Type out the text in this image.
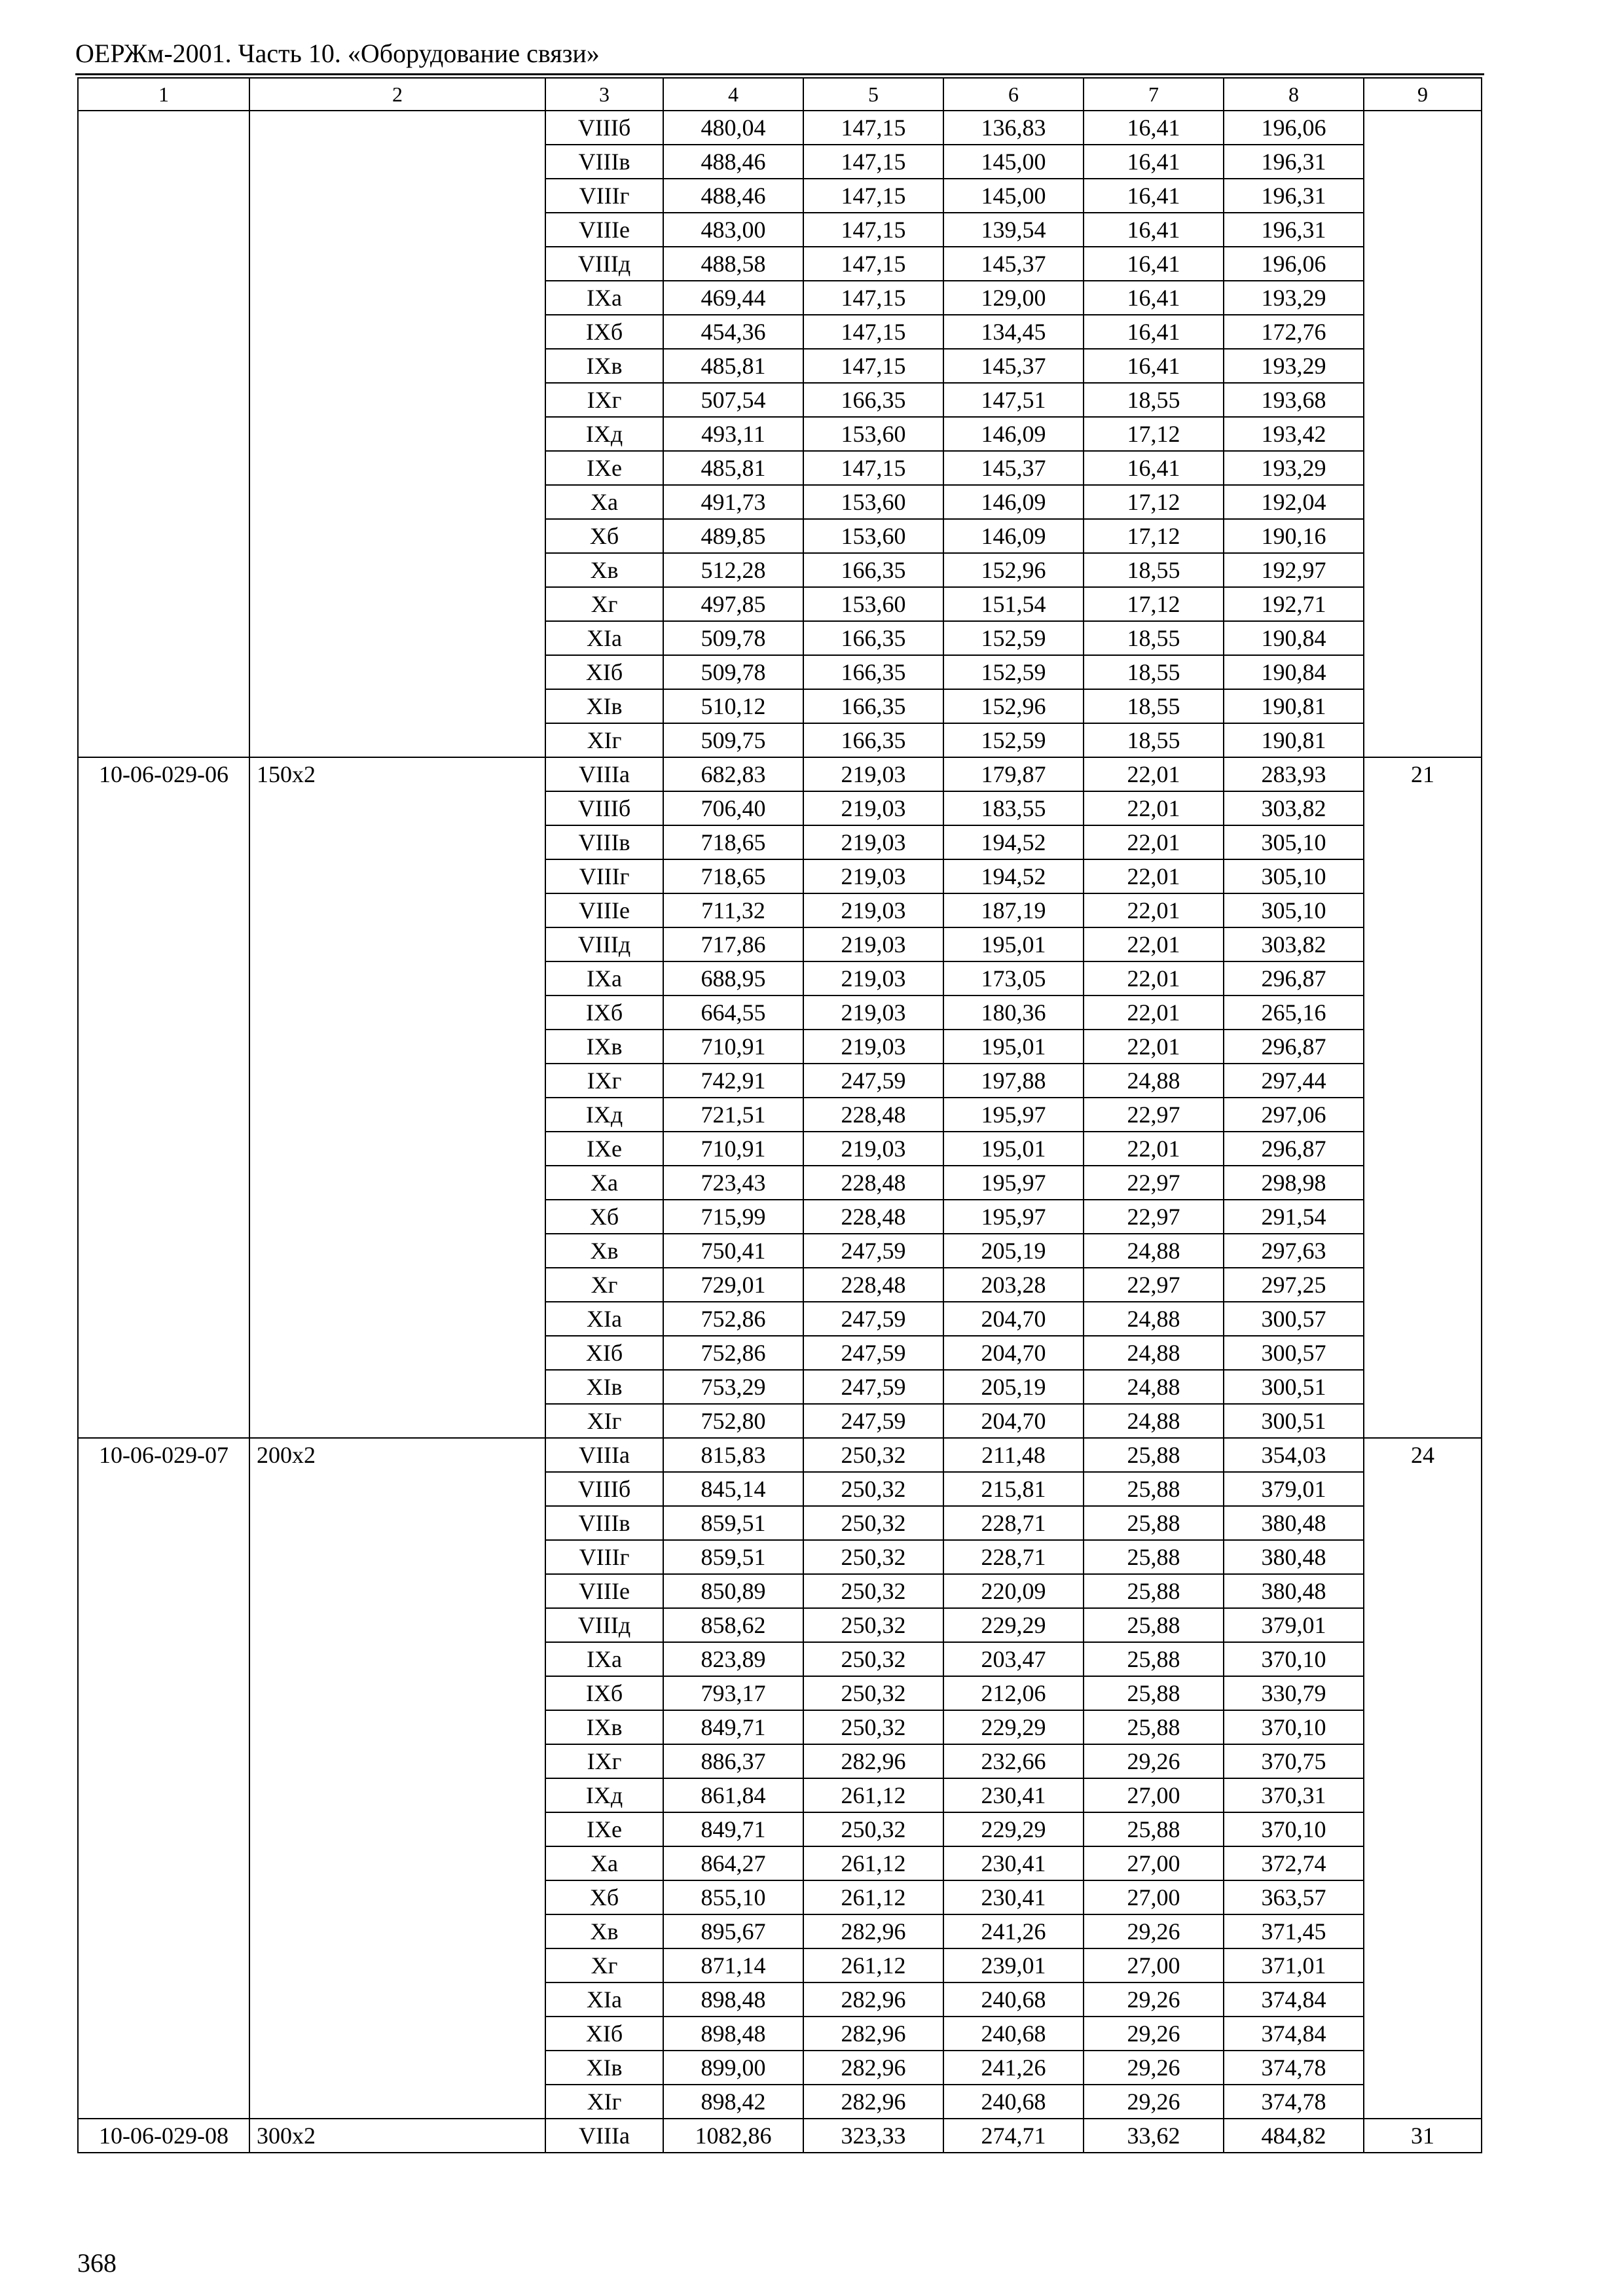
ОЕРЖм-2001. Часть 10. «Оборудование связи»
1	2	3	4	5	6	7	8	9
		VIIIб	480,04	147,15	136,83	16,41	196,06	
		VIIIв	488,46	147,15	145,00	16,41	196,31	
		VIIIг	488,46	147,15	145,00	16,41	196,31	
		VIIIе	483,00	147,15	139,54	16,41	196,31	
		VIIIд	488,58	147,15	145,37	16,41	196,06	
		IXа	469,44	147,15	129,00	16,41	193,29	
		IXб	454,36	147,15	134,45	16,41	172,76	
		IXв	485,81	147,15	145,37	16,41	193,29	
		IXг	507,54	166,35	147,51	18,55	193,68	
		IXд	493,11	153,60	146,09	17,12	193,42	
		IXе	485,81	147,15	145,37	16,41	193,29	
		Xа	491,73	153,60	146,09	17,12	192,04	
		Xб	489,85	153,60	146,09	17,12	190,16	
		Xв	512,28	166,35	152,96	18,55	192,97	
		Xг	497,85	153,60	151,54	17,12	192,71	
		XIа	509,78	166,35	152,59	18,55	190,84	
		XIб	509,78	166,35	152,59	18,55	190,84	
		XIв	510,12	166,35	152,96	18,55	190,81	
		XIг	509,75	166,35	152,59	18,55	190,81	
10-06-029-06	150х2	VIIIа	682,83	219,03	179,87	22,01	283,93	21
		VIIIб	706,40	219,03	183,55	22,01	303,82	
		VIIIв	718,65	219,03	194,52	22,01	305,10	
		VIIIг	718,65	219,03	194,52	22,01	305,10	
		VIIIе	711,32	219,03	187,19	22,01	305,10	
		VIIIд	717,86	219,03	195,01	22,01	303,82	
		IXа	688,95	219,03	173,05	22,01	296,87	
		IXб	664,55	219,03	180,36	22,01	265,16	
		IXв	710,91	219,03	195,01	22,01	296,87	
		IXг	742,91	247,59	197,88	24,88	297,44	
		IXд	721,51	228,48	195,97	22,97	297,06	
		IXе	710,91	219,03	195,01	22,01	296,87	
		Xа	723,43	228,48	195,97	22,97	298,98	
		Xб	715,99	228,48	195,97	22,97	291,54	
		Xв	750,41	247,59	205,19	24,88	297,63	
		Xг	729,01	228,48	203,28	22,97	297,25	
		XIа	752,86	247,59	204,70	24,88	300,57	
		XIб	752,86	247,59	204,70	24,88	300,57	
		XIв	753,29	247,59	205,19	24,88	300,51	
		XIг	752,80	247,59	204,70	24,88	300,51	
10-06-029-07	200х2	VIIIа	815,83	250,32	211,48	25,88	354,03	24
		VIIIб	845,14	250,32	215,81	25,88	379,01	
		VIIIв	859,51	250,32	228,71	25,88	380,48	
		VIIIг	859,51	250,32	228,71	25,88	380,48	
		VIIIе	850,89	250,32	220,09	25,88	380,48	
		VIIIд	858,62	250,32	229,29	25,88	379,01	
		IXа	823,89	250,32	203,47	25,88	370,10	
		IXб	793,17	250,32	212,06	25,88	330,79	
		IXв	849,71	250,32	229,29	25,88	370,10	
		IXг	886,37	282,96	232,66	29,26	370,75	
		IXд	861,84	261,12	230,41	27,00	370,31	
		IXе	849,71	250,32	229,29	25,88	370,10	
		Xа	864,27	261,12	230,41	27,00	372,74	
		Xб	855,10	261,12	230,41	27,00	363,57	
		Xв	895,67	282,96	241,26	29,26	371,45	
		Xг	871,14	261,12	239,01	27,00	371,01	
		XIа	898,48	282,96	240,68	29,26	374,84	
		XIб	898,48	282,96	240,68	29,26	374,84	
		XIв	899,00	282,96	241,26	29,26	374,78	
		XIг	898,42	282,96	240,68	29,26	374,78	
10-06-029-08	300х2	VIIIа	1082,86	323,33	274,71	33,62	484,82	31
368
